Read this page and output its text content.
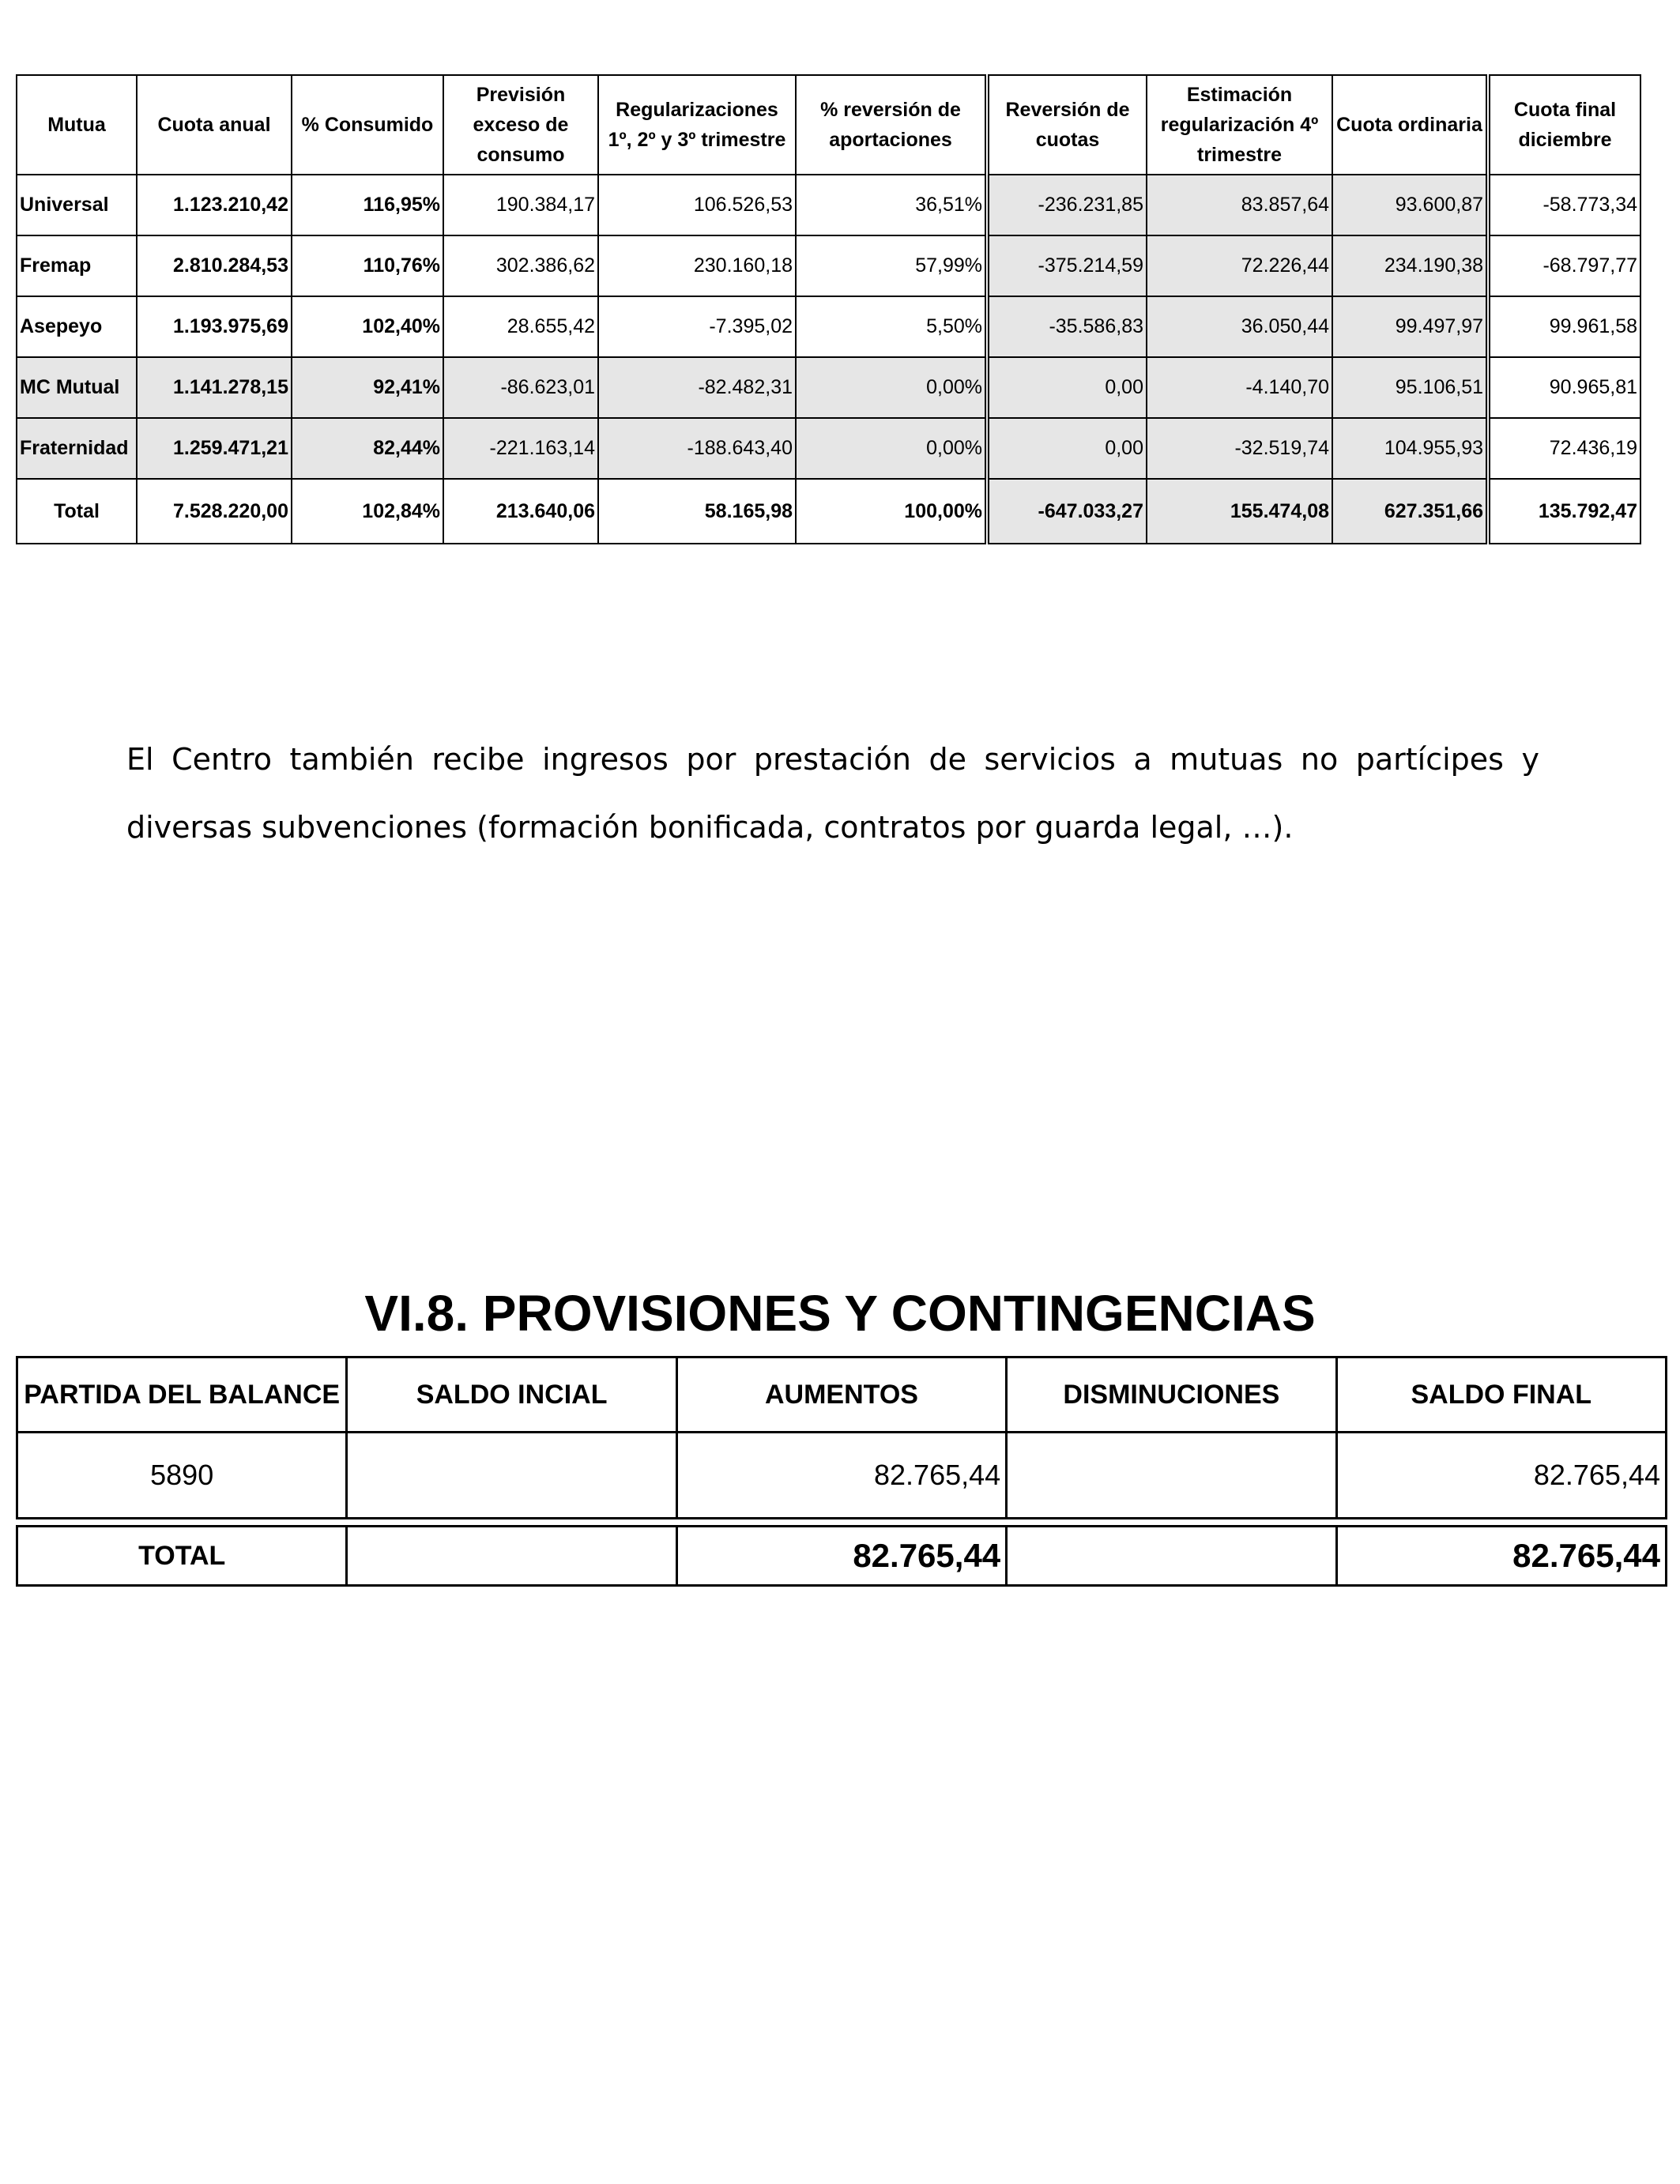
Mutua	Cuota anual	% Consumido	Previsión exceso de consumo	Regularizaciones 1º, 2º y 3º trimestre	% reversión de aportaciones	Reversión de cuotas	Estimación regularización 4º trimestre	Cuota ordinaria	Cuota final diciembre
Universal	1.123.210,42	116,95%	190.384,17	106.526,53	36,51%	-236.231,85	83.857,64	93.600,87	-58.773,34
Fremap	2.810.284,53	110,76%	302.386,62	230.160,18	57,99%	-375.214,59	72.226,44	234.190,38	-68.797,77
Asepeyo	1.193.975,69	102,40%	28.655,42	-7.395,02	5,50%	-35.586,83	36.050,44	99.497,97	99.961,58
MC Mutual	1.141.278,15	92,41%	-86.623,01	-82.482,31	0,00%	0,00	-4.140,70	95.106,51	90.965,81
Fraternidad	1.259.471,21	82,44%	-221.163,14	-188.643,40	0,00%	0,00	-32.519,74	104.955,93	72.436,19
Total	7.528.220,00	102,84%	213.640,06	58.165,98	100,00%	-647.033,27	155.474,08	627.351,66	135.792,47

El Centro también recibe ingresos por prestación de servicios a mutuas no partícipes y diversas subvenciones (formación bonificada, contratos por guarda legal, …).

VI.8. PROVISIONES Y CONTINGENCIAS
PARTIDA DEL BALANCE	SALDO INCIAL	AUMENTOS	DISMINUCIONES	SALDO FINAL
5890		82.765,44		82.765,44
TOTAL		82.765,44		82.765,44
